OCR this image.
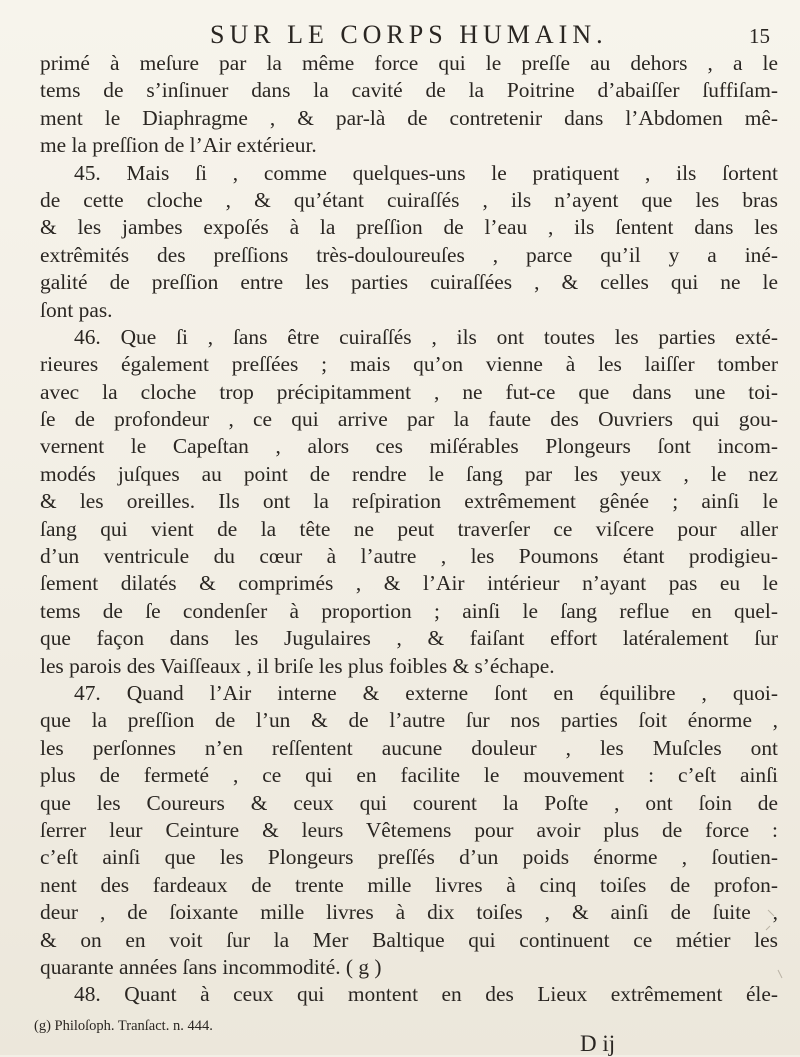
SUR LE CORPS HUMAIN.	15
primé à meſure par la même force qui le preſſe au dehors , a le
tems de s’inſinuer dans la cavité de la Poitrine d’abaiſſer ſuffiſam-
ment le Diaphragme , & par-là de contretenir dans l’Abdomen mê-
me la preſſion de l’Air extérieur.
45. Mais ſi , comme quelques-uns le pratiquent , ils ſortent
de cette cloche , & qu’étant cuiraſſés , ils n’ayent que les bras
& les jambes expoſés à la preſſion de l’eau , ils ſentent dans les
extrêmités des preſſions très-douloureuſes , parce qu’il y a iné-
galité de preſſion entre les parties cuiraſſées , & celles qui ne le
ſont pas.
46. Que ſi , ſans être cuiraſſés , ils ont toutes les parties exté-
rieures également preſſées ; mais qu’on vienne à les laiſſer tomber
avec la cloche trop précipitamment , ne fut-ce que dans une toi-
ſe de profondeur , ce qui arrive par la faute des Ouvriers qui gou-
vernent le Capeſtan , alors ces miſérables Plongeurs ſont incom-
modés juſques au point de rendre le ſang par les yeux , le nez
& les oreilles. Ils ont la reſpiration extrêmement gênée ; ainſi le
ſang qui vient de la tête ne peut traverſer ce viſcere pour aller
d’un ventricule du cœur à l’autre , les Poumons étant prodigieu-
ſement dilatés & comprimés , & l’Air intérieur n’ayant pas eu le
tems de ſe condenſer à proportion ; ainſi le ſang reflue en quel-
que façon dans les Jugulaires , & faiſant effort latéralement ſur
les parois des Vaiſſeaux , il briſe les plus foibles & s’échape.
47. Quand l’Air interne & externe ſont en équilibre , quoi-
que la preſſion de l’un & de l’autre ſur nos parties ſoit énorme ,
les perſonnes n’en reſſentent aucune douleur , les Muſcles ont
plus de fermeté , ce qui en facilite le mouvement : c’eſt ainſi
que les Coureurs & ceux qui courent la Poſte , ont ſoin de
ſerrer leur Ceinture & leurs Vêtemens pour avoir plus de force :
c’eſt ainſi que les Plongeurs preſſés d’un poids énorme , ſoutien-
nent des fardeaux de trente mille livres à cinq toiſes de profon-
deur , de ſoixante mille livres à dix toiſes , & ainſi de ſuite ,
& on en voit ſur la Mer Baltique qui continuent ce métier les
quarante années ſans incommodité. ( g )
48. Quant à ceux qui montent en des Lieux extrêmement éle-
(g) Philoſoph. Tranſact. n. 444.
D ij
